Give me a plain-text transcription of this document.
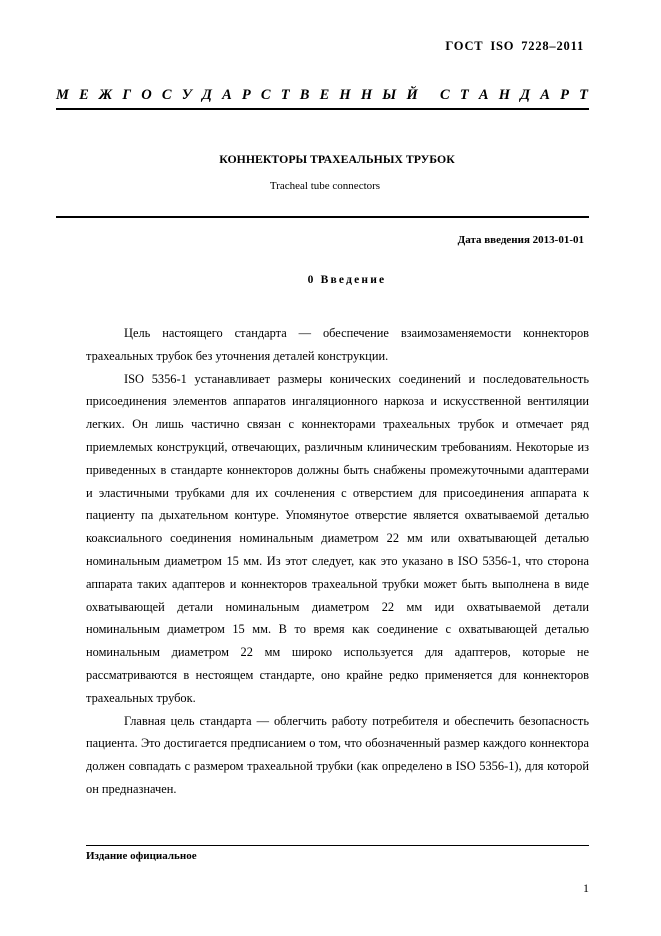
ГОСТ ISO 7228–2011
М Е Ж Г О С У Д А Р С Т В Е Н Н Ы Й С Т А Н Д А Р Т
КОННЕКТОРЫ ТРАХЕАЛЬНЫХ ТРУБОК
Tracheal tube connectors
Дата введения 2013-01-01
0 Введение

Цель настоящего стандарта — обеспечение взаимозаменяемости коннекторов трахеальных трубок без уточнения деталей конструкции.

ISO 5356-1 устанавливает размеры конических соединений и последовательность присоединения элементов аппаратов ингаляционного наркоза и искусственной вентиляции легких. Он лишь частично связан с коннекторами трахеальных трубок и отмечает ряд приемлемых конструкций, отвечающих, различным клиническим требованиям. Некоторые из приведенных в стандарте коннекторов должны быть снабжены промежуточными адаптерами и эластичными трубками для их сочленения с отверстием для присоединения аппарата к пациенту па дыхательном контуре. Упомянутое отверстие является охватываемой деталью коаксиального соединения номинальным диаметром 22 мм или охватывающей деталью номинальным диаметром 15 мм. Из этот следует, как это указано в ISO 5356-1, что сторона аппарата таких адаптеров и коннекторов трахеальной трубки может быть выполнена в виде охватывающей детали номинальным диаметром 22 мм иди охватываемой детали номинальным диаметром 15 мм. В то время как соединение с охватывающей деталью номинальным диаметром 22 мм широко используется для адаптеров, которые не рассматриваются в нестоящем стандарте, оно крайне редко применяется для коннекторов трахеальных трубок.

Главная цель стандарта — облегчить работу потребителя и обеспечить безопасность пациента. Это достигается предписанием о том, что обозначенный размер каждого коннектора должен совпадать с размером трахеальной трубки (как определено в ISO 5356-1), для которой он предназначен.

Издание официальное
1
